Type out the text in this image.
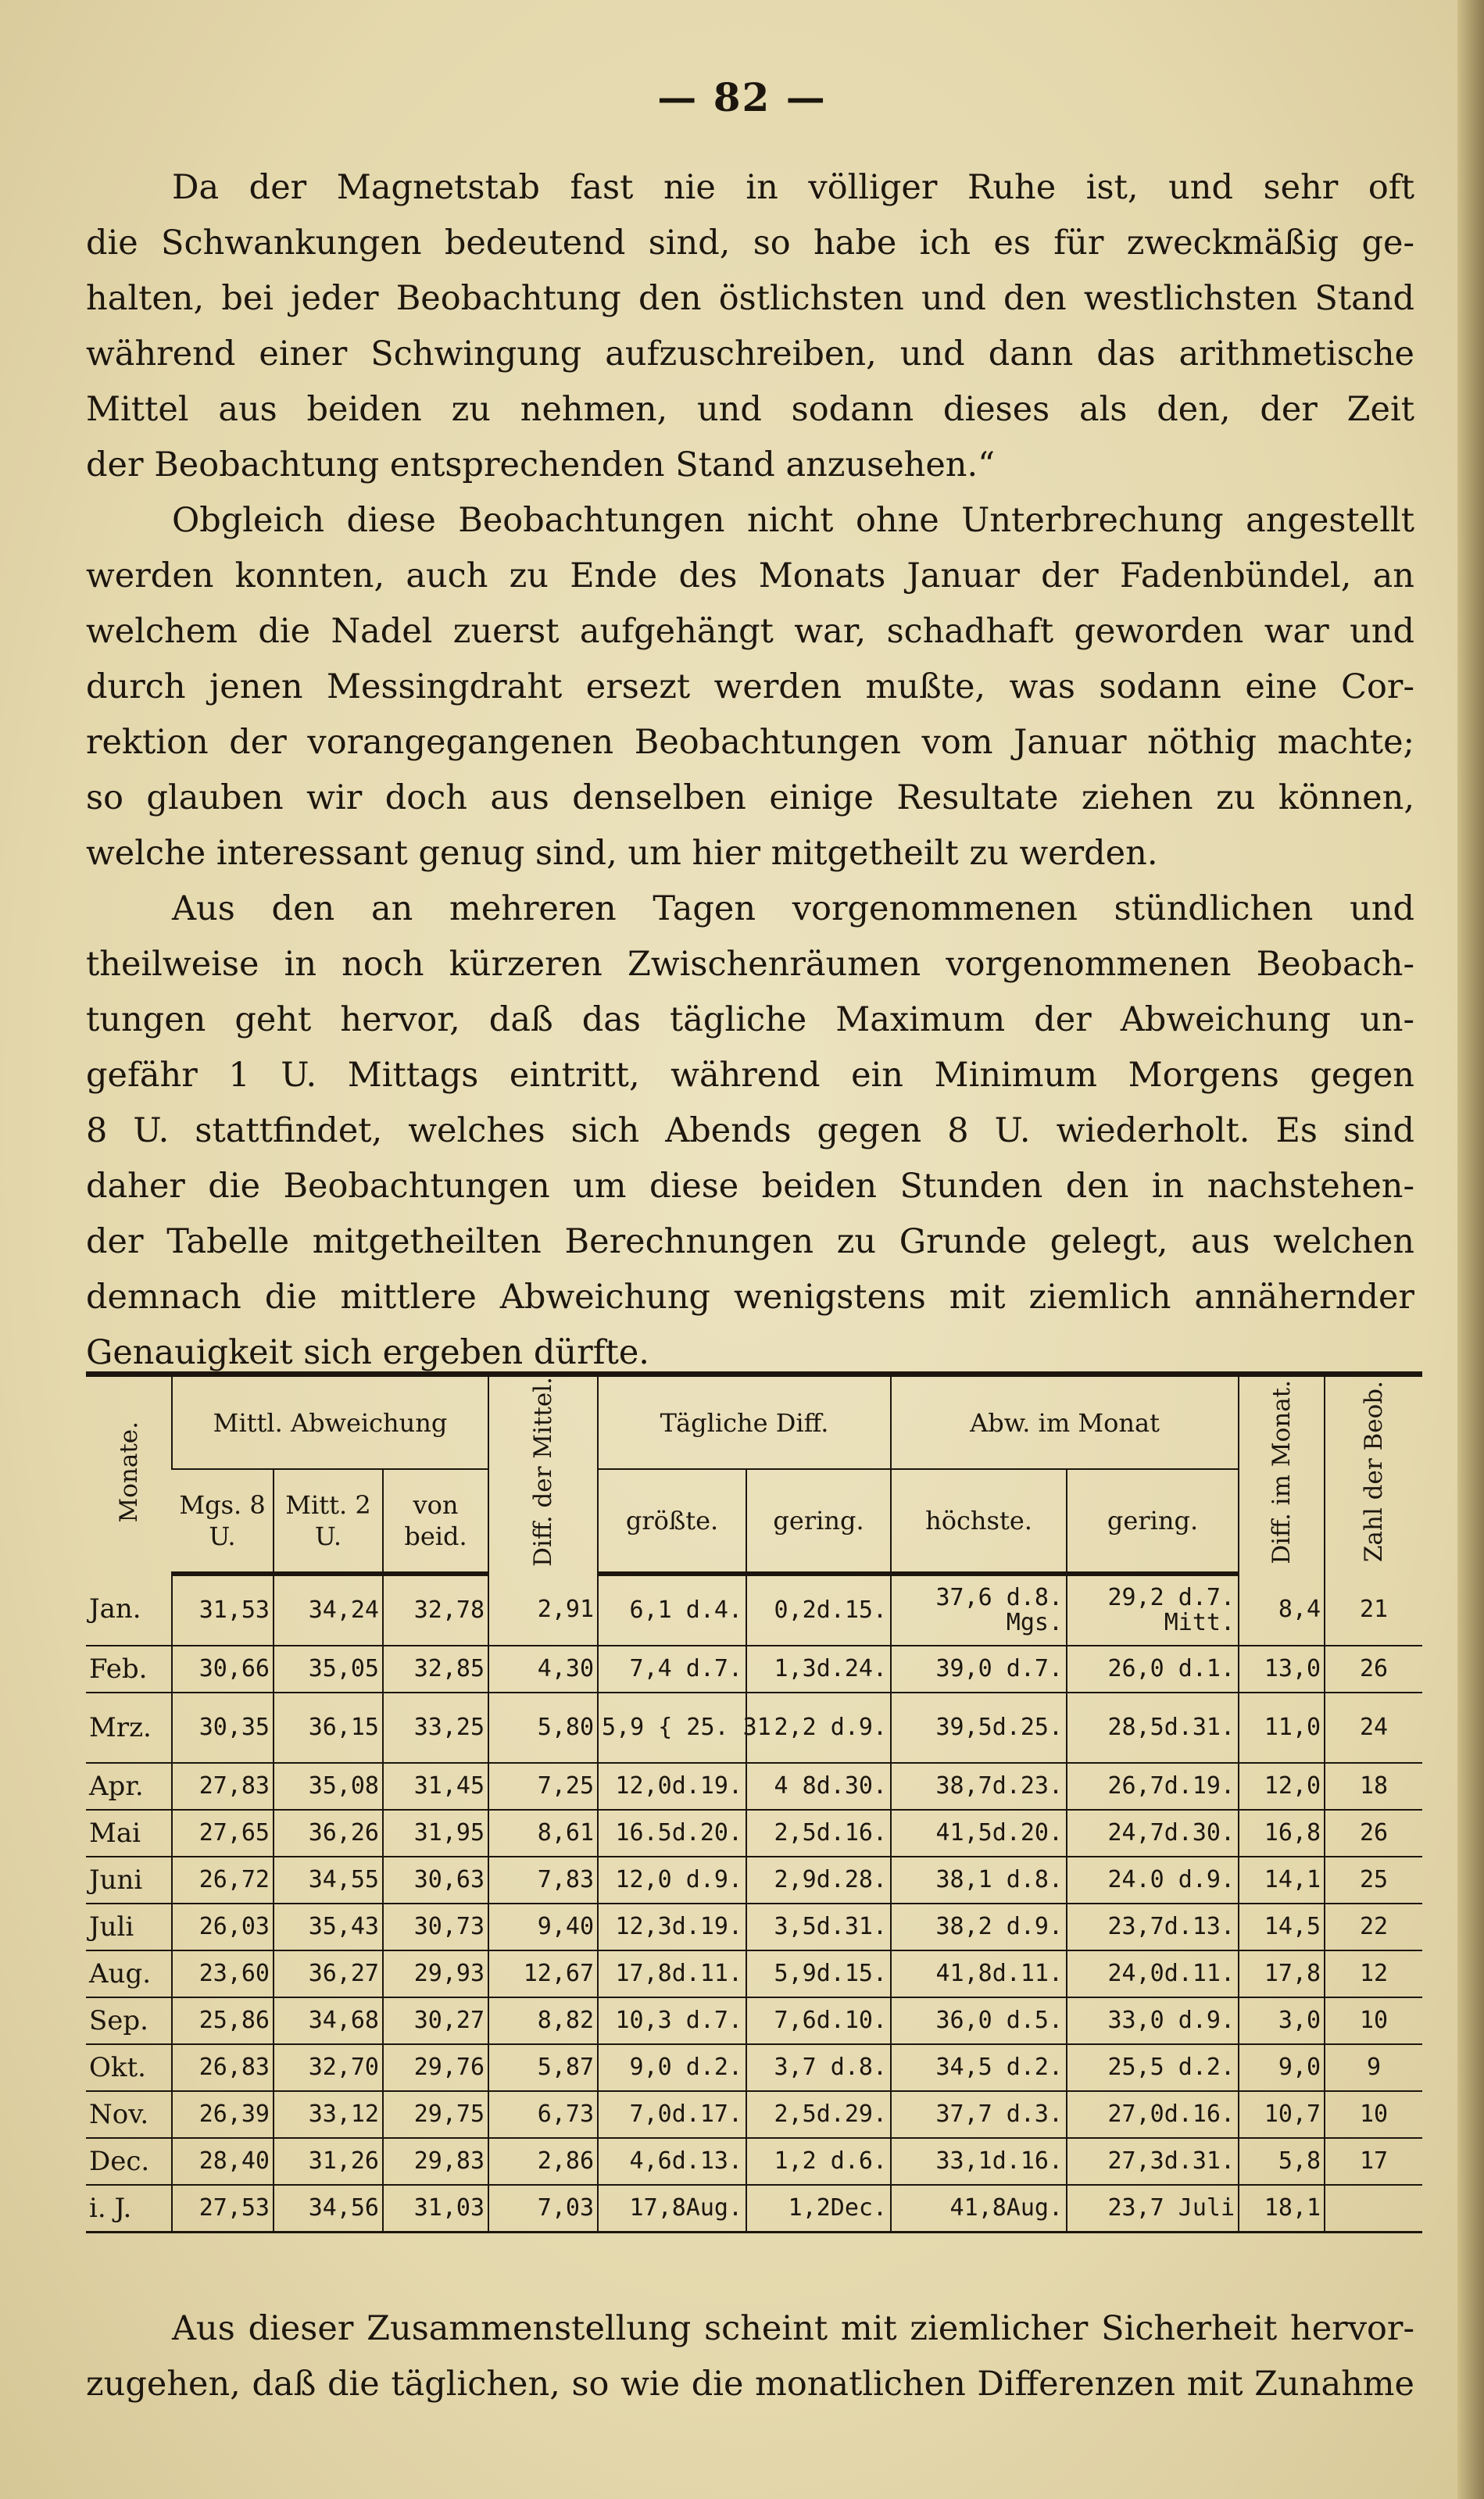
— 82 —
Da der Magnetstab fast nie in völliger Ruhe ist, und sehr oft
die Schwankungen bedeutend sind, so habe ich es für zweckmäßig ge-
halten, bei jeder Beobachtung den östlichsten und den westlichsten Stand
während einer Schwingung aufzuschreiben, und dann das arithmetische
Mittel aus beiden zu nehmen, und sodann dieses als den, der Zeit
der Beobachtung entsprechenden Stand anzusehen.“
Obgleich diese Beobachtungen nicht ohne Unterbrechung angestellt
werden konnten, auch zu Ende des Monats Januar der Fadenbündel, an
welchem die Nadel zuerst aufgehängt war, schadhaft geworden war und
durch jenen Messingdraht ersezt werden mußte, was sodann eine Cor-
rektion der vorangegangenen Beobachtungen vom Januar nöthig machte;
so glauben wir doch aus denselben einige Resultate ziehen zu können,
welche interessant genug sind, um hier mitgetheilt zu werden.
Aus den an mehreren Tagen vorgenommenen stündlichen und
theilweise in noch kürzeren Zwischenräumen vorgenommenen Beobach-
tungen geht hervor, daß das tägliche Maximum der Abweichung un-
gefähr 1 U. Mittags eintritt, während ein Minimum Morgens gegen
8 U. stattfindet, welches sich Abends gegen 8 U. wiederholt. Es sind
daher die Beobachtungen um diese beiden Stunden den in nachstehen-
der Tabelle mitgetheilten Berechnungen zu Grunde gelegt, aus welchen
demnach die mittlere Abweichung wenigstens mit ziemlich annähernder
Genauigkeit sich ergeben dürfte.
Monate.	Mittl. Abweichung			Diff. der Mittel.	Tägliche Diff.		Abw. im Monat		Diff. im Monat.	Zahl der Beob.
	Mgs. 8 U.	Mitt. 2 U.	von beid.		größte.	gering.	höchste.	gering.		
Jan.	31,53	34,24	32,78	2,91	6,1 d.4.	0,2d.15.	37,6 d.8. Mgs.	29,2 d.7. Mitt.	8,4	21
Feb.	30,66	35,05	32,85	4,30	7,4 d.7.	1,3d.24.	39,0 d.7.	26,0 d.1.	13,0	26
Mrz.	30,35	36,15	33,25	5,80	5,9 { 25. 31.	2,2 d.9.	39,5d.25.	28,5d.31.	11,0	24
Apr.	27,83	35,08	31,45	7,25	12,0d.19.	4 8d.30.	38,7d.23.	26,7d.19.	12,0	18
Mai	27,65	36,26	31,95	8,61	16.5d.20.	2,5d.16.	41,5d.20.	24,7d.30.	16,8	26
Juni	26,72	34,55	30,63	7,83	12,0 d.9.	2,9d.28.	38,1 d.8.	24.0 d.9.	14,1	25
Juli	26,03	35,43	30,73	9,40	12,3d.19.	3,5d.31.	38,2 d.9.	23,7d.13.	14,5	22
Aug.	23,60	36,27	29,93	12,67	17,8d.11.	5,9d.15.	41,8d.11.	24,0d.11.	17,8	12
Sep.	25,86	34,68	30,27	8,82	10,3 d.7.	7,6d.10.	36,0 d.5.	33,0 d.9.	3,0	10
Okt.	26,83	32,70	29,76	5,87	9,0 d.2.	3,7 d.8.	34,5 d.2.	25,5 d.2.	9,0	9
Nov.	26,39	33,12	29,75	6,73	7,0d.17.	2,5d.29.	37,7 d.3.	27,0d.16.	10,7	10
Dec.	28,40	31,26	29,83	2,86	4,6d.13.	1,2 d.6.	33,1d.16.	27,3d.31.	5,8	17
i. J.	27,53	34,56	31,03	7,03	17,8Aug.	1,2Dec.	41,8Aug.	23,7 Juli	18,1	
Aus dieser Zusammenstellung scheint mit ziemlicher Sicherheit hervor-
zugehen, daß die täglichen, so wie die monatlichen Differenzen mit Zunahme
